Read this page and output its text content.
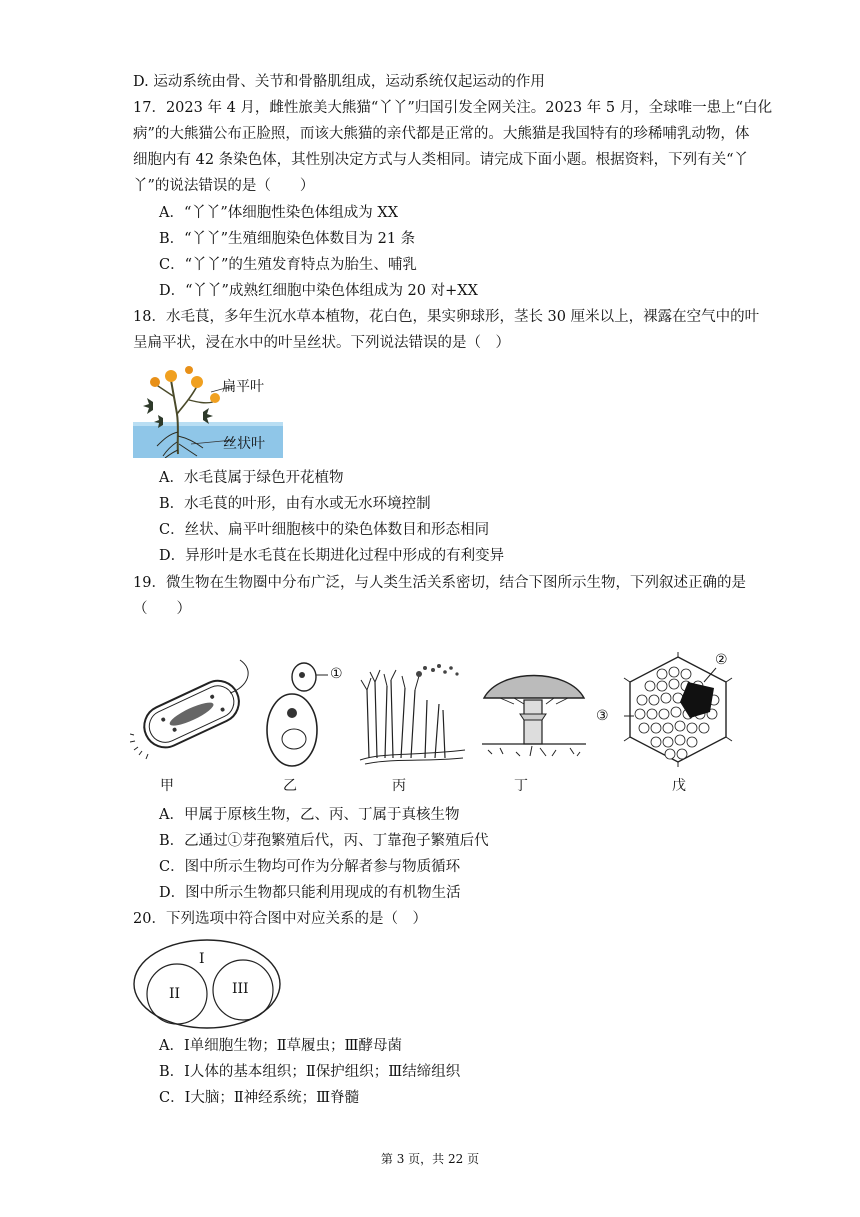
D. 运动系统由骨、关节和骨骼肌组成，运动系统仅起运动的作用
17．2023 年 4 月，雌性旅美大熊猫“丫丫”归国引发全网关注。2023 年 5 月，全球唯一患上“白化
病”的大熊猫公布正脸照，而该大熊猫的亲代都是正常的。大熊猫是我国特有的珍稀哺乳动物，体
细胞内有 42 条染色体，其性别决定方式与人类相同。请完成下面小题。根据资料，下列有关“丫
丫”的说法错误的是（　　）
A．“丫丫”体细胞性染色体组成为 XX
B．“丫丫”生殖细胞染色体数目为 21 条
C．“丫丫”的生殖发育特点为胎生、哺乳
D．“丫丫”成熟红细胞中染色体组成为 20 对+XX
18．水毛茛，多年生沉水草本植物，花白色，果实卵球形，茎长 30 厘米以上，裸露在空气中的叶
呈扁平状，浸在水中的叶呈丝状。下列说法错误的是（　）
扁平叶
丝状叶
A．水毛茛属于绿色开花植物
B．水毛茛的叶形，由有水或无水环境控制
C．丝状、扁平叶细胞核中的染色体数目和形态相同
D．异形叶是水毛茛在长期进化过程中形成的有利变异
19．微生物在生物圈中分布广泛，与人类生活关系密切，结合下图所示生物，下列叙述正确的是
（　　）
①
②
③
甲	乙	丙	丁	戊
A．甲属于原核生物，乙、丙、丁属于真核生物
B．乙通过①芽孢繁殖后代，丙、丁靠孢子繁殖后代
C．图中所示生物均可作为分解者参与物质循环
D．图中所示生物都只能利用现成的有机物生活
20．下列选项中符合图中对应关系的是（　）
I
II	III
A．Ⅰ单细胞生物；Ⅱ草履虫；Ⅲ酵母菌
B．Ⅰ人体的基本组织；Ⅱ保护组织；Ⅲ结缔组织
C．Ⅰ大脑；Ⅱ神经系统；Ⅲ脊髓
第 3 页，共 22 页
